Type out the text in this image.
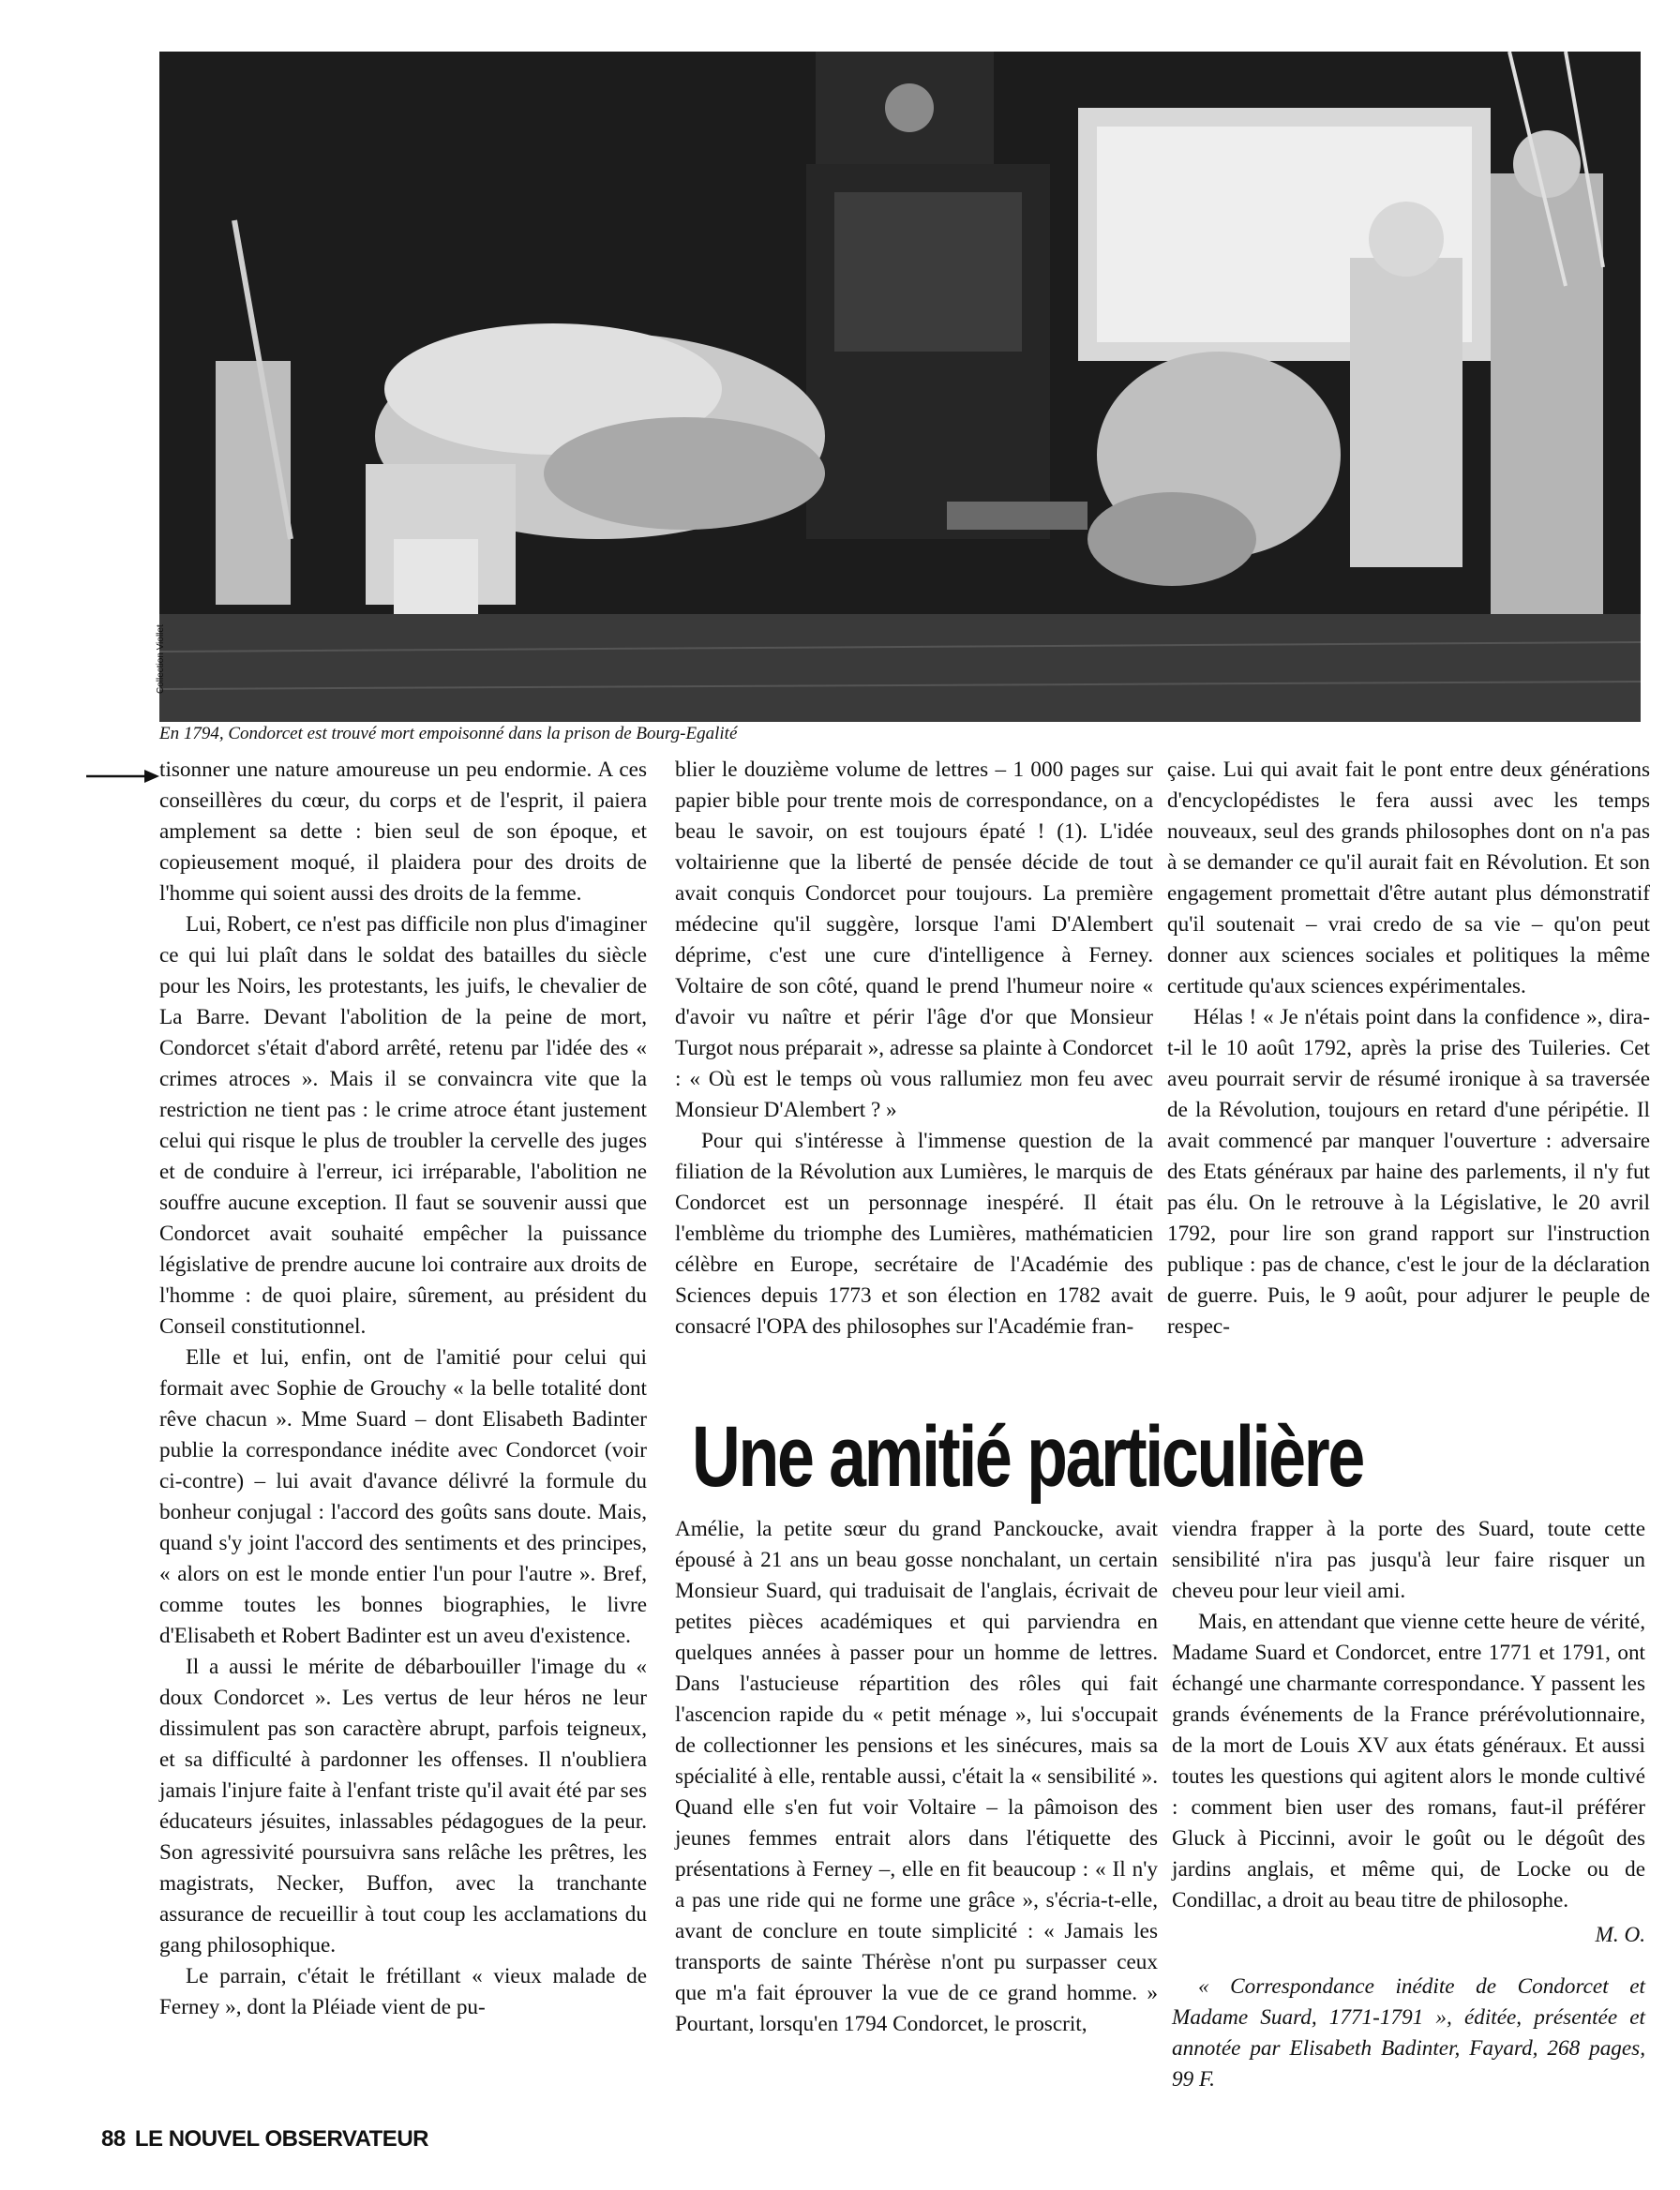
Collection Viollet
En 1794, Condorcet est trouvé mort empoisonné dans la prison de Bourg-Egalité

tisonner une nature amoureuse un peu endormie. A ces conseillères du cœur, du corps et de l'esprit, il paiera amplement sa dette : bien seul de son époque, et copieusement moqué, il plaidera pour des droits de l'homme qui soient aussi des droits de la femme.

Lui, Robert, ce n'est pas difficile non plus d'imaginer ce qui lui plaît dans le soldat des batailles du siècle pour les Noirs, les protestants, les juifs, le chevalier de La Barre. Devant l'abolition de la peine de mort, Condorcet s'était d'abord arrêté, retenu par l'idée des « crimes atroces ». Mais il se convaincra vite que la restriction ne tient pas : le crime atroce étant justement celui qui risque le plus de troubler la cervelle des juges et de conduire à l'erreur, ici irréparable, l'abolition ne souffre aucune exception. Il faut se souvenir aussi que Condorcet avait souhaité empêcher la puissance législative de prendre aucune loi contraire aux droits de l'homme : de quoi plaire, sûrement, au président du Conseil constitutionnel.

Elle et lui, enfin, ont de l'amitié pour celui qui formait avec Sophie de Grouchy « la belle totalité dont rêve chacun ». Mme Suard – dont Elisabeth Badinter publie la correspondance inédite avec Condorcet (voir ci-contre) – lui avait d'avance délivré la formule du bonheur conjugal : l'accord des goûts sans doute. Mais, quand s'y joint l'accord des sentiments et des principes, « alors on est le monde entier l'un pour l'autre ». Bref, comme toutes les bonnes biographies, le livre d'Elisabeth et Robert Badinter est un aveu d'existence.

Il a aussi le mérite de débarbouiller l'image du « doux Condorcet ». Les vertus de leur héros ne leur dissimulent pas son caractère abrupt, parfois teigneux, et sa difficulté à pardonner les offenses. Il n'oubliera jamais l'injure faite à l'enfant triste qu'il avait été par ses éducateurs jésuites, inlassables pédagogues de la peur. Son agressivité poursuivra sans relâche les prêtres, les magistrats, Necker, Buffon, avec la tranchante assurance de recueillir à tout coup les acclamations du gang philosophique.

Le parrain, c'était le frétillant « vieux malade de Ferney », dont la Pléiade vient de pu-

blier le douzième volume de lettres – 1 000 pages sur papier bible pour trente mois de correspondance, on a beau le savoir, on est toujours épaté ! (1). L'idée voltairienne que la liberté de pensée décide de tout avait conquis Condorcet pour toujours. La première médecine qu'il suggère, lorsque l'ami D'Alembert déprime, c'est une cure d'intelligence à Ferney. Voltaire de son côté, quand le prend l'humeur noire « d'avoir vu naître et périr l'âge d'or que Monsieur Turgot nous préparait », adresse sa plainte à Condorcet : « Où est le temps où vous rallumiez mon feu avec Monsieur D'Alembert ? »

Pour qui s'intéresse à l'immense question de la filiation de la Révolution aux Lumières, le marquis de Condorcet est un personnage inespéré. Il était l'emblème du triomphe des Lumières, mathématicien célèbre en Europe, secrétaire de l'Académie des Sciences depuis 1773 et son élection en 1782 avait consacré l'OPA des philosophes sur l'Académie fran-

çaise. Lui qui avait fait le pont entre deux générations d'encyclopédistes le fera aussi avec les temps nouveaux, seul des grands philosophes dont on n'a pas à se demander ce qu'il aurait fait en Révolution. Et son engagement promettait d'être autant plus démonstratif qu'il soutenait – vrai credo de sa vie – qu'on peut donner aux sciences sociales et politiques la même certitude qu'aux sciences expérimentales.

Hélas ! « Je n'étais point dans la confidence », dira-t-il le 10 août 1792, après la prise des Tuileries. Cet aveu pourrait servir de résumé ironique à sa traversée de la Révolution, toujours en retard d'une péripétie. Il avait commencé par manquer l'ouverture : adversaire des Etats généraux par haine des parlements, il n'y fut pas élu. On le retrouve à la Législative, le 20 avril 1792, pour lire son grand rapport sur l'instruction publique : pas de chance, c'est le jour de la déclaration de guerre. Puis, le 9 août, pour adjurer le peuple de respec-

Une amitié particulière

Amélie, la petite sœur du grand Panckoucke, avait épousé à 21 ans un beau gosse nonchalant, un certain Monsieur Suard, qui traduisait de l'anglais, écrivait de petites pièces académiques et qui parviendra en quelques années à passer pour un homme de lettres. Dans l'astucieuse répartition des rôles qui fait l'ascencion rapide du « petit ménage », lui s'occupait de collectionner les pensions et les sinécures, mais sa spécialité à elle, rentable aussi, c'était la « sensibilité ». Quand elle s'en fut voir Voltaire – la pâmoison des jeunes femmes entrait alors dans l'étiquette des présentations à Ferney –, elle en fit beaucoup : « Il n'y a pas une ride qui ne forme une grâce », s'écria-t-elle, avant de conclure en toute simplicité : « Jamais les transports de sainte Thérèse n'ont pu surpasser ceux que m'a fait éprouver la vue de ce grand homme. » Pourtant, lorsqu'en 1794 Condorcet, le proscrit,

viendra frapper à la porte des Suard, toute cette sensibilité n'ira pas jusqu'à leur faire risquer un cheveu pour leur vieil ami.

Mais, en attendant que vienne cette heure de vérité, Madame Suard et Condorcet, entre 1771 et 1791, ont échangé une charmante correspondance. Y passent les grands événements de la France prérévolutionnaire, de la mort de Louis XV aux états généraux. Et aussi toutes les questions qui agitent alors le monde cultivé : comment bien user des romans, faut-il préférer Gluck à Piccinni, avoir le goût ou le dégoût des jardins anglais, et même qui, de Locke ou de Condillac, a droit au beau titre de philosophe.

M. O.

« Correspondance inédite de Condorcet et Madame Suard, 1771-1791 », éditée, présentée et annotée par Elisabeth Badinter, Fayard, 268 pages, 99 F.

88 LE NOUVEL OBSERVATEUR
